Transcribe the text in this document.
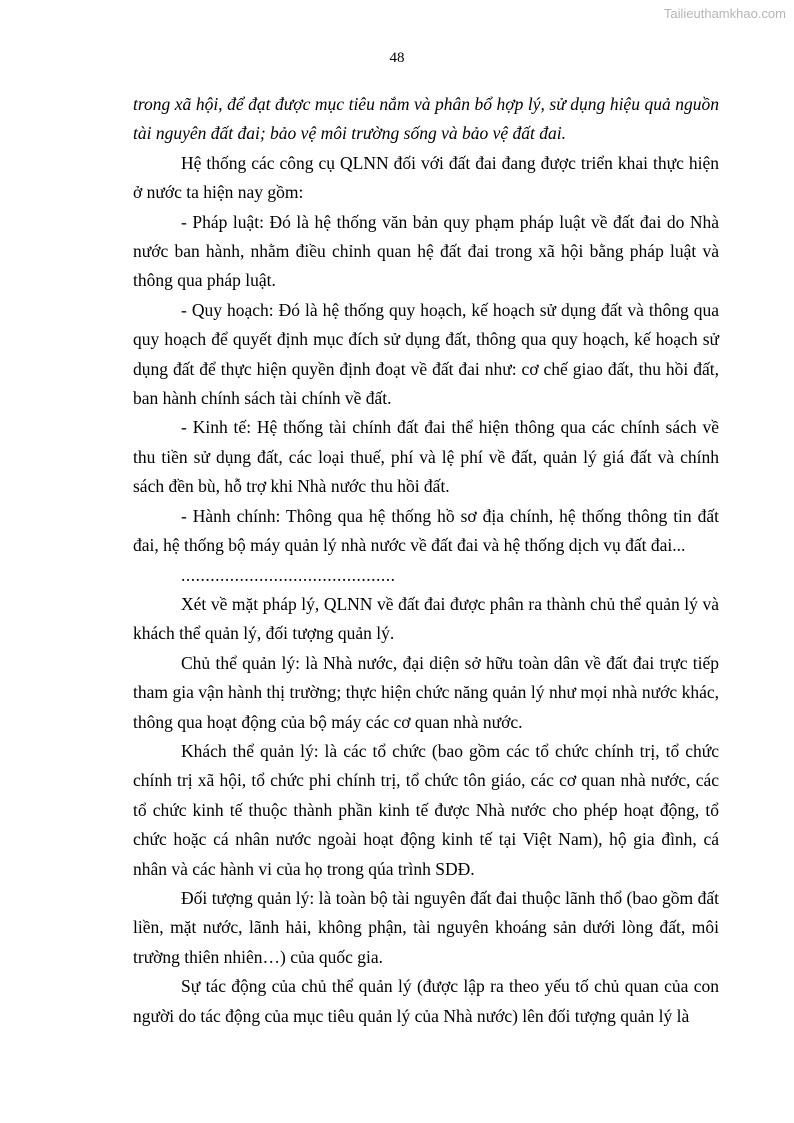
Tailieuthamkhao.com
48

trong xã hội, để đạt được mục tiêu nắm và phân bổ hợp lý, sử dụng hiệu quả nguồn tài nguyên đất đai; bảo vệ môi trường sống và bảo vệ đất đai.

Hệ thống các công cụ QLNN đối với đất đai đang được triển khai thực hiện ở nước ta hiện nay gồm:

- Pháp luật: Đó là hệ thống văn bản quy phạm pháp luật về đất đai do Nhà nước ban hành, nhằm điều chỉnh quan hệ đất đai trong xã hội bằng pháp luật và thông qua pháp luật.

- Quy hoạch: Đó là hệ thống quy hoạch, kế hoạch sử dụng đất và thông qua quy hoạch để quyết định mục đích sử dụng đất, thông qua quy hoạch, kế hoạch sử dụng đất để thực hiện quyền định đoạt về đất đai như: cơ chế giao đất, thu hồi đất, ban hành chính sách tài chính về đất.

- Kinh tế: Hệ thống tài chính đất đai thể hiện thông qua các chính sách về thu tiền sử dụng đất, các loại thuế, phí và lệ phí về đất, quản lý giá đất và chính sách đền bù, hỗ trợ khi Nhà nước thu hồi đất.

- Hành chính: Thông qua hệ thống hồ sơ địa chính, hệ thống thông tin đất đai, hệ thống bộ máy quản lý nhà nước về đất đai và hệ thống dịch vụ đất đai...

............................................

Xét về mặt pháp lý, QLNN về đất đai được phân ra thành chủ thể quản lý và khách thể quản lý, đối tượng quản lý.

Chủ thể quản lý: là Nhà nước, đại diện sở hữu toàn dân về đất đai trực tiếp tham gia vận hành thị trường; thực hiện chức năng quản lý như mọi nhà nước khác, thông qua hoạt động của bộ máy các cơ quan nhà nước.

Khách thể quản lý: là các tổ chức (bao gồm các tổ chức chính trị, tổ chức chính trị xã hội, tổ chức phi chính trị, tổ chức tôn giáo, các cơ quan nhà nước, các tổ chức kinh tế thuộc thành phần kinh tế được Nhà nước cho phép hoạt động, tổ chức hoặc cá nhân nước ngoài hoạt động kinh tế tại Việt Nam), hộ gia đình, cá nhân và các hành vi của họ trong qúa trình SDĐ.

Đối tượng quản lý: là toàn bộ tài nguyên đất đai thuộc lãnh thổ (bao gồm đất liền, mặt nước, lãnh hải, không phận, tài nguyên khoáng sản dưới lòng đất, môi trường thiên nhiên…) của quốc gia.

Sự tác động của chủ thể quản lý (được lập ra theo yếu tố chủ quan của con người do tác động của mục tiêu quản lý của Nhà nước) lên đối tượng quản lý là
